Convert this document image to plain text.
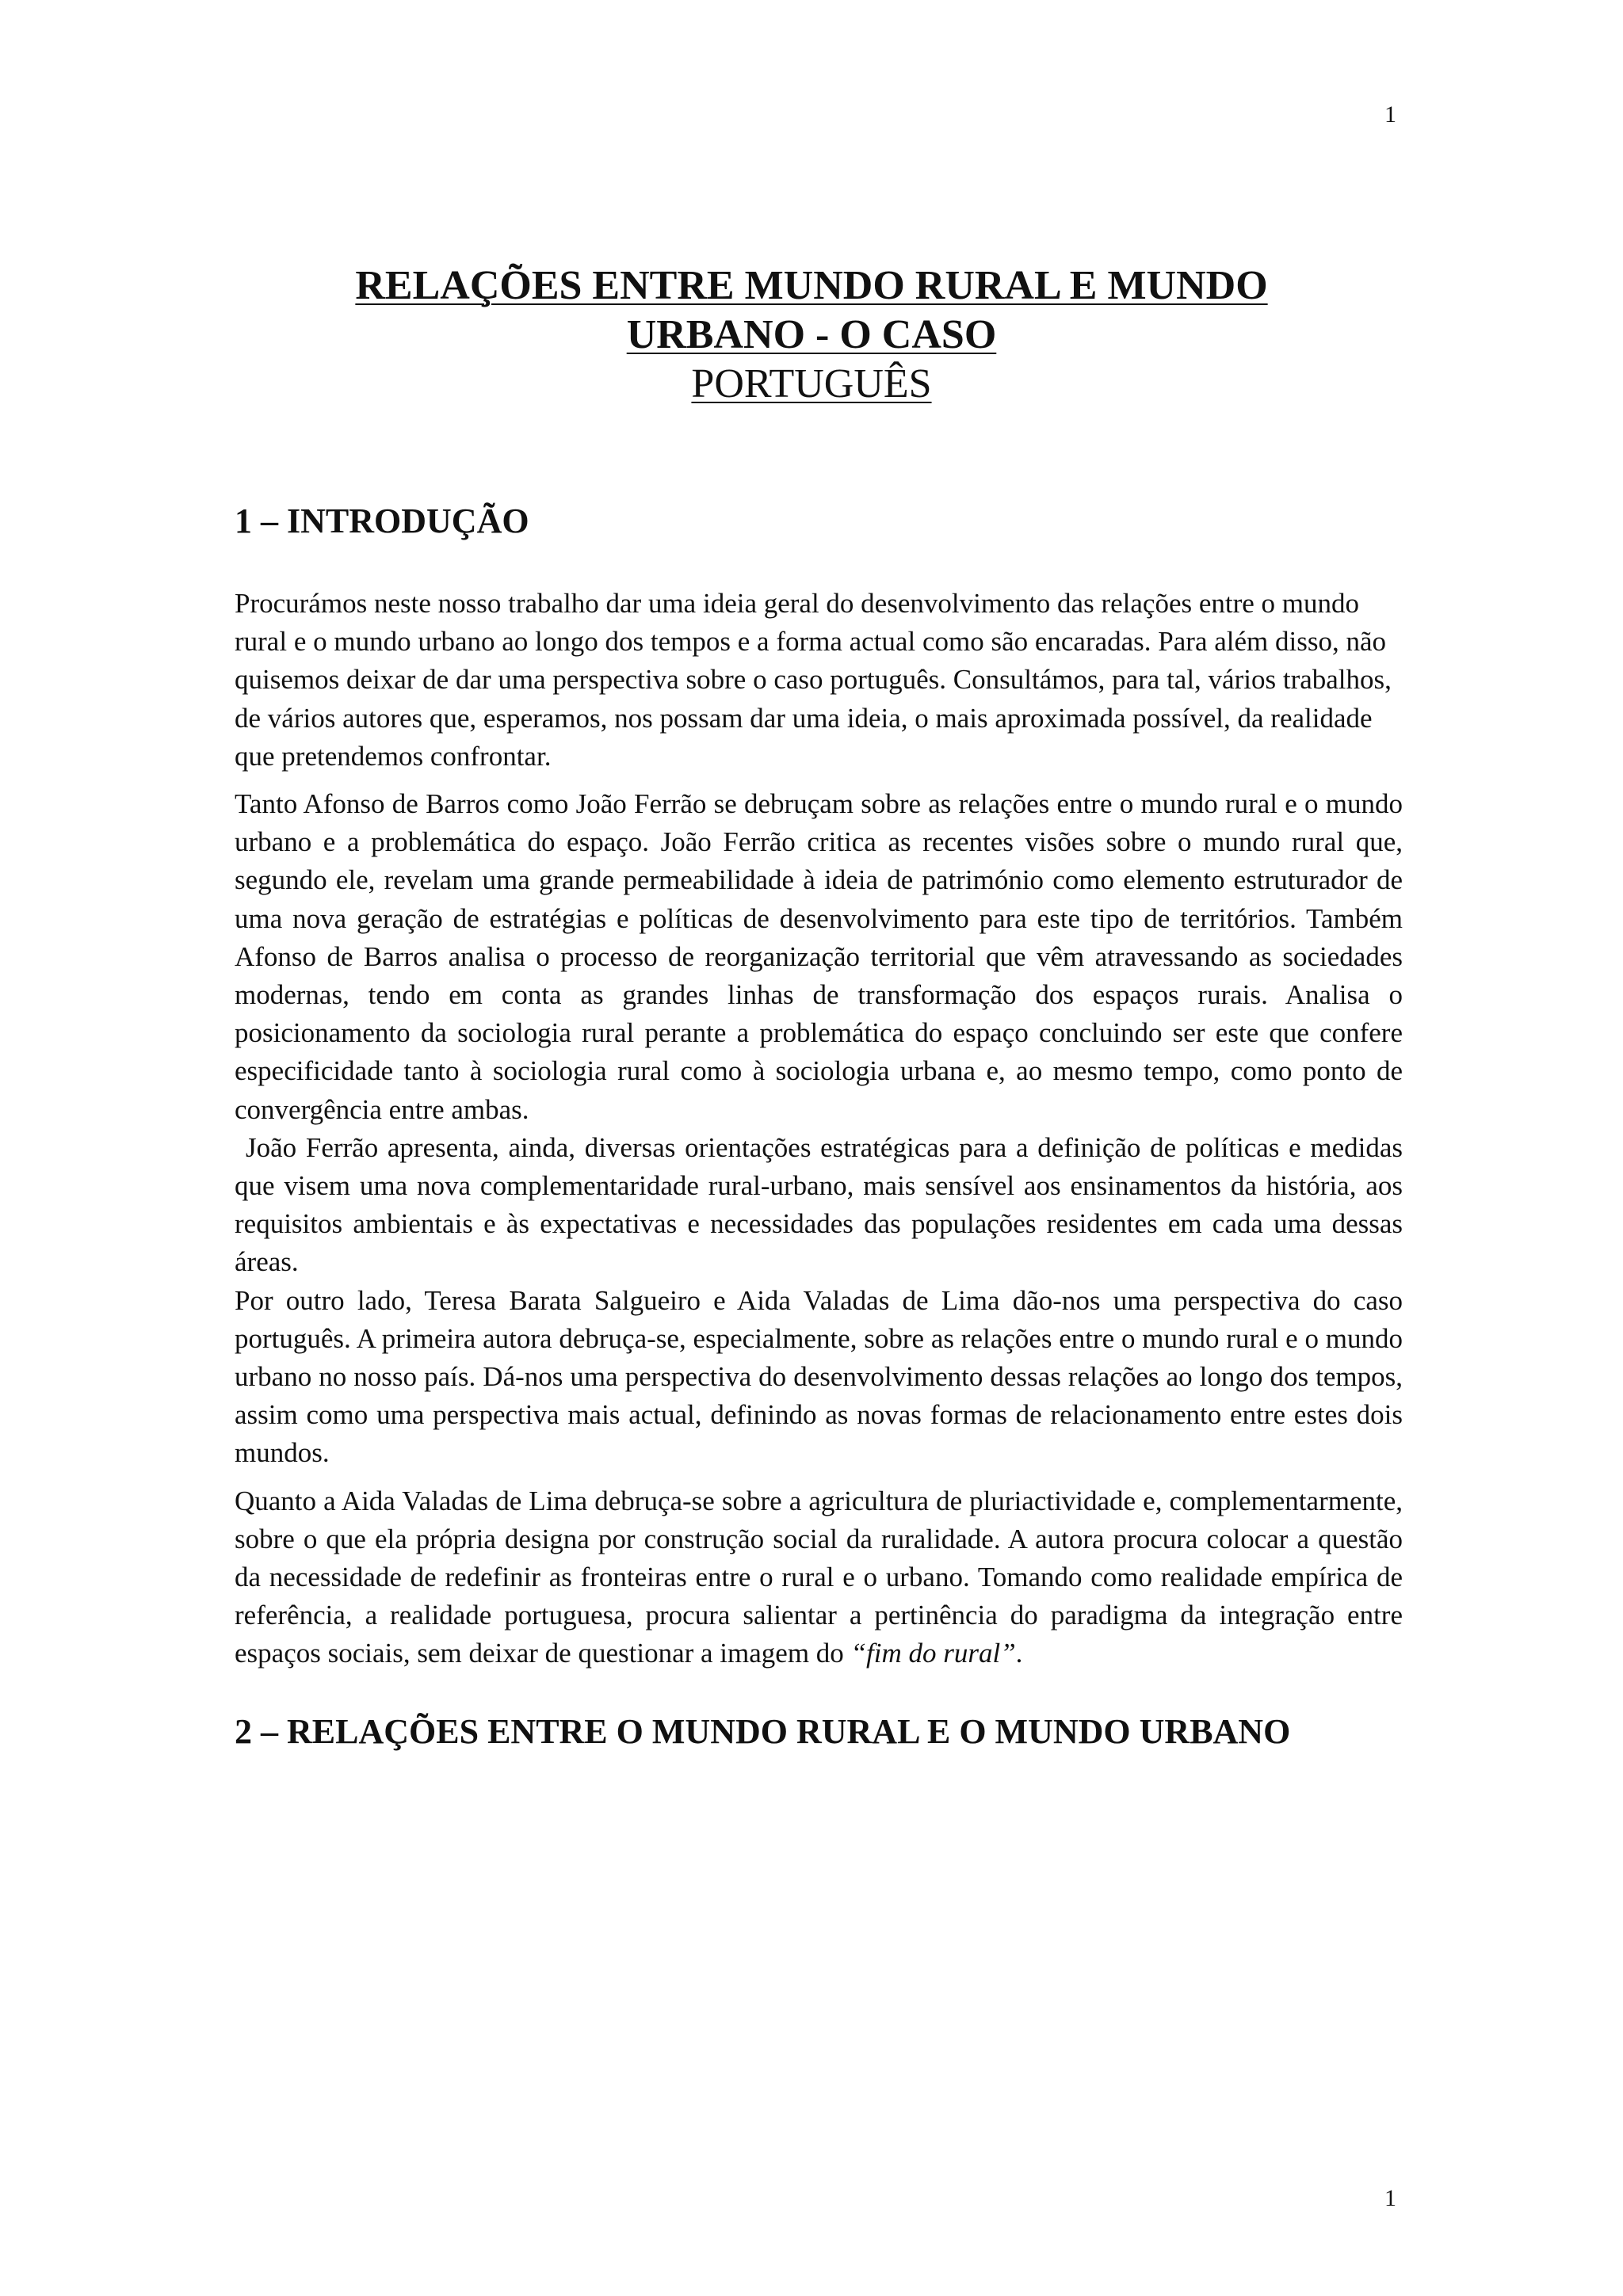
1
RELAÇÕES ENTRE MUNDO RURAL E MUNDO
URBANO - O CASO
PORTUGUÊS
1 – INTRODUÇÃO

Procurámos neste nosso trabalho dar uma ideia geral do desenvolvimento das relações entre o mundo rural e o mundo urbano ao longo dos tempos e a forma actual como são encaradas. Para além disso, não quisemos deixar de dar uma perspectiva sobre o caso português. Consultámos, para tal, vários trabalhos, de vários autores que, esperamos, nos possam dar uma ideia, o mais aproximada possível, da realidade que pretendemos confrontar.

Tanto Afonso de Barros como João Ferrão se debruçam sobre as relações entre o mundo rural e o mundo urbano e a problemática do espaço. João Ferrão critica as recentes visões sobre o mundo rural que, segundo ele, revelam uma grande permeabilidade à ideia de património como elemento estruturador de uma nova geração de estratégias e políticas de desenvolvimento para este tipo de territórios. Também Afonso de Barros analisa o processo de reorganização territorial que vêm atravessando as sociedades modernas, tendo em conta as grandes linhas de transformação dos espaços rurais. Analisa o posicionamento da sociologia rural perante a problemática do espaço concluindo ser este que confere especificidade tanto à sociologia rural como à sociologia urbana e, ao mesmo tempo, como ponto de convergência entre ambas.

João Ferrão apresenta, ainda, diversas orientações estratégicas para a definição de políticas e medidas que visem uma nova complementaridade rural-urbano, mais sensível aos ensinamentos da história, aos requisitos ambientais e às expectativas e necessidades das populações residentes em cada uma dessas áreas.

Por outro lado, Teresa Barata Salgueiro e Aida Valadas de Lima dão-nos uma perspectiva do caso português. A primeira autora debruça-se, especialmente, sobre as relações entre o mundo rural e o mundo urbano no nosso país. Dá-nos uma perspectiva do desenvolvimento dessas relações ao longo dos tempos, assim como uma perspectiva mais actual, definindo as novas formas de relacionamento entre estes dois mundos.

Quanto a Aida Valadas de Lima debruça-se sobre a agricultura de pluriactividade e, complementarmente, sobre o que ela própria designa por construção social da ruralidade. A autora procura colocar a questão da necessidade de redefinir as fronteiras entre o rural e o urbano. Tomando como realidade empírica de referência, a realidade portuguesa, procura salientar a pertinência do paradigma da integração entre espaços sociais, sem deixar de questionar a imagem do “fim do rural”.

2 – RELAÇÕES ENTRE O MUNDO RURAL E O MUNDO URBANO
1
